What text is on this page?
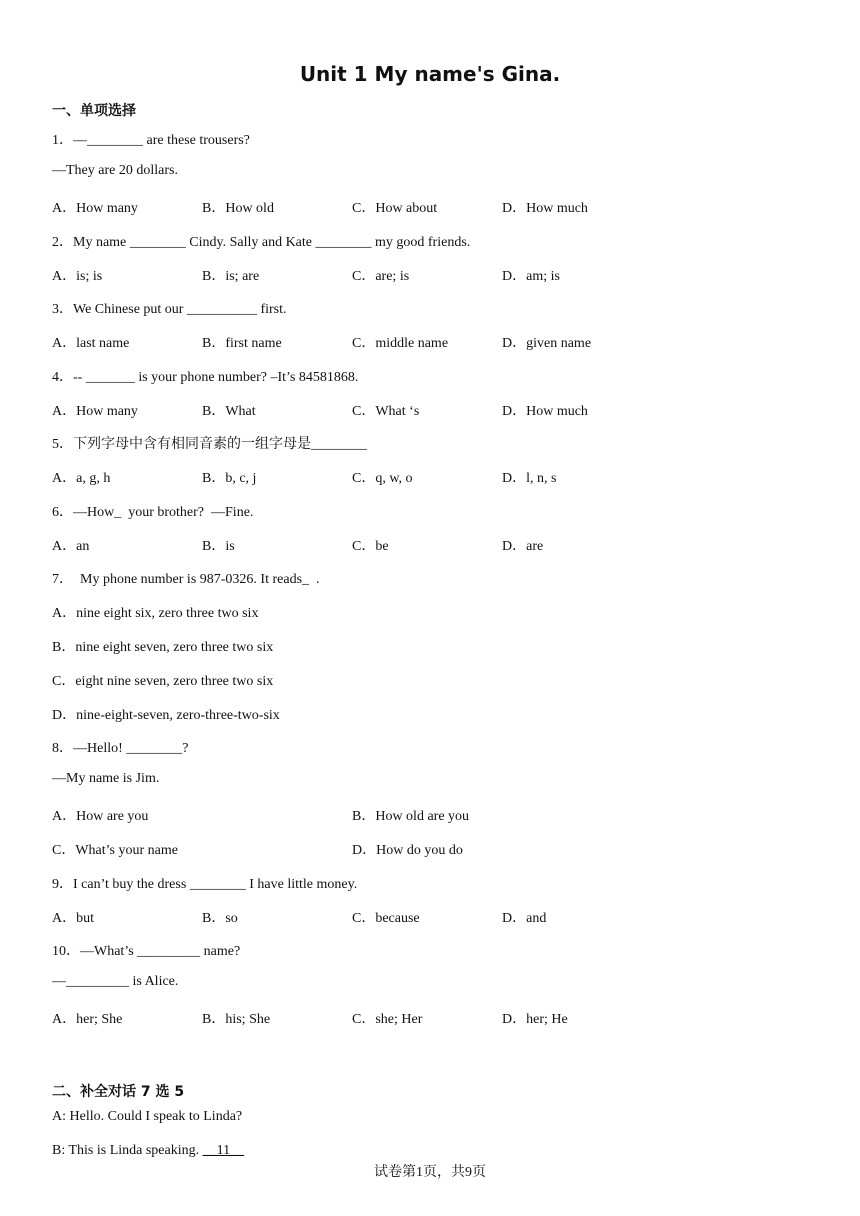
Unit 1 My name's Gina.
一、单项选择
1．—________ are these trousers?
—They are 20 dollars.
A．How many	B．How old	C．How about	D．How much
2．My name ________ Cindy. Sally and Kate ________ my good friends.
A．is; is	B．is; are	C．are; is	D．am; is
3．We Chinese put our __________ first.
A．last name	B．first name	C．middle name	D．given name
4．-- _______ is your phone number? –It’s 84581868.
A．How many	B．What	C．What ‘s	D．How much
5．下列字母中含有相同音素的一组字母是________
A．a, g, h	B．b, c, j	C．q, w, o	D．l, n, s
6．—How_  your brother?  —Fine.
A．an	B．is	C．be	D．are
7．  My phone number is 987-0326. It reads_  .
A．nine eight six, zero three two six
B．nine eight seven, zero three two six
C．eight nine seven, zero three two six
D．nine-eight-seven, zero-three-two-six
8．—Hello! ________?
—My name is Jim.
A．How are you	B．How old are you
C．What’s your name	D．How do you do
9．I can’t buy the dress ________ I have little money.
A．but	B．so	C．because	D．and
10．—What’s _________ name?
—_________ is Alice.
A．her; She	B．his; She	C．she; Her	D．her; He
二、补全对话 7 选 5
A: Hello. Could I speak to Linda?
B: This is Linda speaking. __11__
试卷第1页，共9页
